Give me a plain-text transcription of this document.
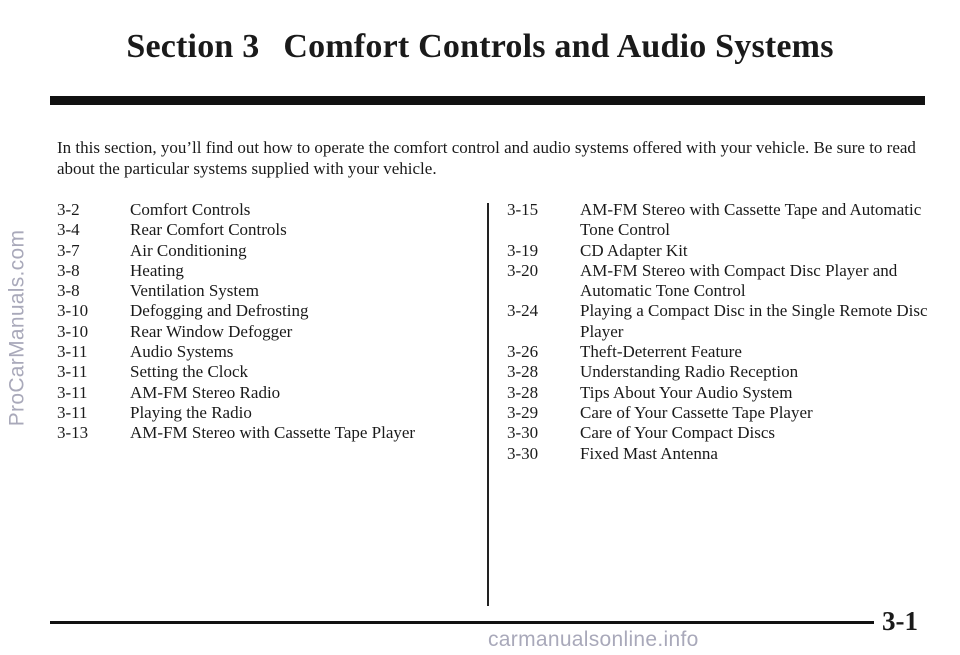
Section 3 Comfort Controls and Audio Systems

In this section, you’ll find out how to operate the comfort control and audio systems offered with your vehicle. Be sure to read about the particular systems supplied with your vehicle.

3-2	Comfort Controls
3-4	Rear Comfort Controls
3-7	Air Conditioning
3-8	Heating
3-8	Ventilation System
3-10	Defogging and Defrosting
3-10	Rear Window Defogger
3-11	Audio Systems
3-11	Setting the Clock
3-11	AM-FM Stereo Radio
3-11	Playing the Radio
3-13	AM-FM Stereo with Cassette Tape Player
3-15	AM-FM Stereo with Cassette Tape and Automatic Tone Control
3-19	CD Adapter Kit
3-20	AM-FM Stereo with Compact Disc Player and Automatic Tone Control
3-24	Playing a Compact Disc in the Single Remote Disc Player
3-26	Theft-Deterrent Feature
3-28	Understanding Radio Reception
3-28	Tips About Your Audio System
3-29	Care of Your Cassette Tape Player
3-30	Care of Your Compact Discs
3-30	Fixed Mast Antenna

3-1

ProCarManuals.com

carmanualsonline.info
